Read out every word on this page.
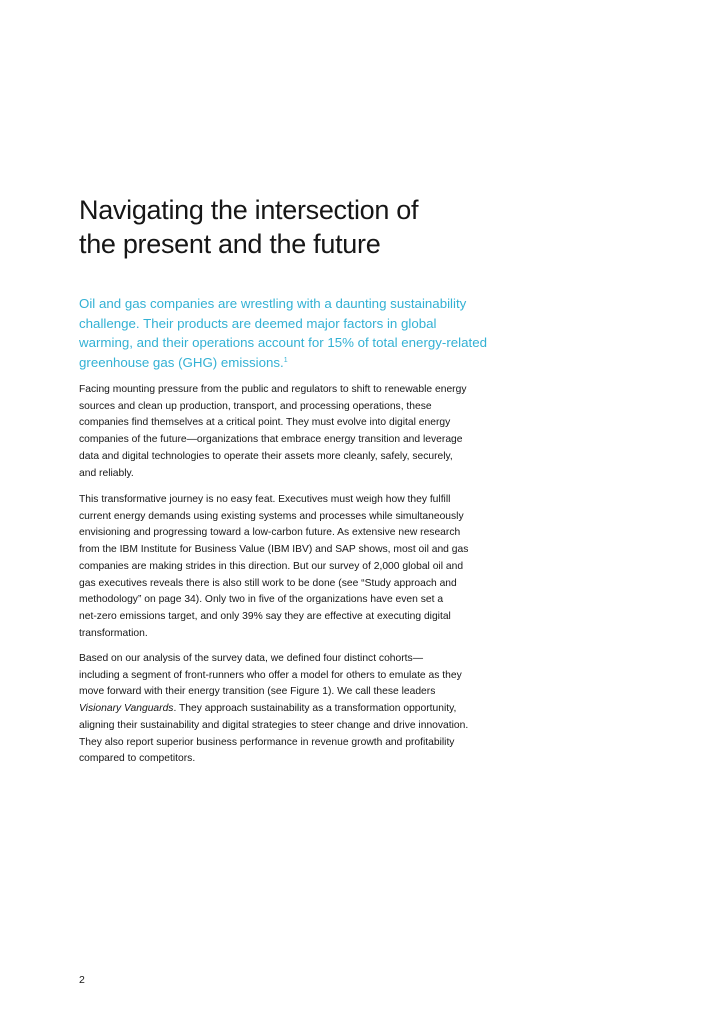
Navigating the intersection of
the present and the future

Oil and gas companies are wrestling with a daunting sustainability
challenge. Their products are deemed major factors in global
warming, and their operations account for 15% of total energy-related
greenhouse gas (GHG) emissions.$^1$

Facing mounting pressure from the public and regulators to shift to renewable energy
sources and clean up production, transport, and processing operations, these
companies find themselves at a critical point. They must evolve into digital energy
companies of the future—organizations that embrace energy transition and leverage
data and digital technologies to operate their assets more cleanly, safely, securely,
and reliably.

This transformative journey is no easy feat. Executives must weigh how they fulfill
current energy demands using existing systems and processes while simultaneously
envisioning and progressing toward a low-carbon future. As extensive new research
from the IBM Institute for Business Value (IBM IBV) and SAP shows, most oil and gas
companies are making strides in this direction. But our survey of 2,000 global oil and
gas executives reveals there is also still work to be done (see “Study approach and
methodology” on page 34). Only two in five of the organizations have even set a
net-zero emissions target, and only 39% say they are effective at executing digital
transformation.

Based on our analysis of the survey data, we defined four distinct cohorts—
including a segment of front-runners who offer a model for others to emulate as they
move forward with their energy transition (see Figure 1). We call these leaders
Visionary Vanguards. They approach sustainability as a transformation opportunity,
aligning their sustainability and digital strategies to steer change and drive innovation.
They also report superior business performance in revenue growth and profitability
compared to competitors.

2
